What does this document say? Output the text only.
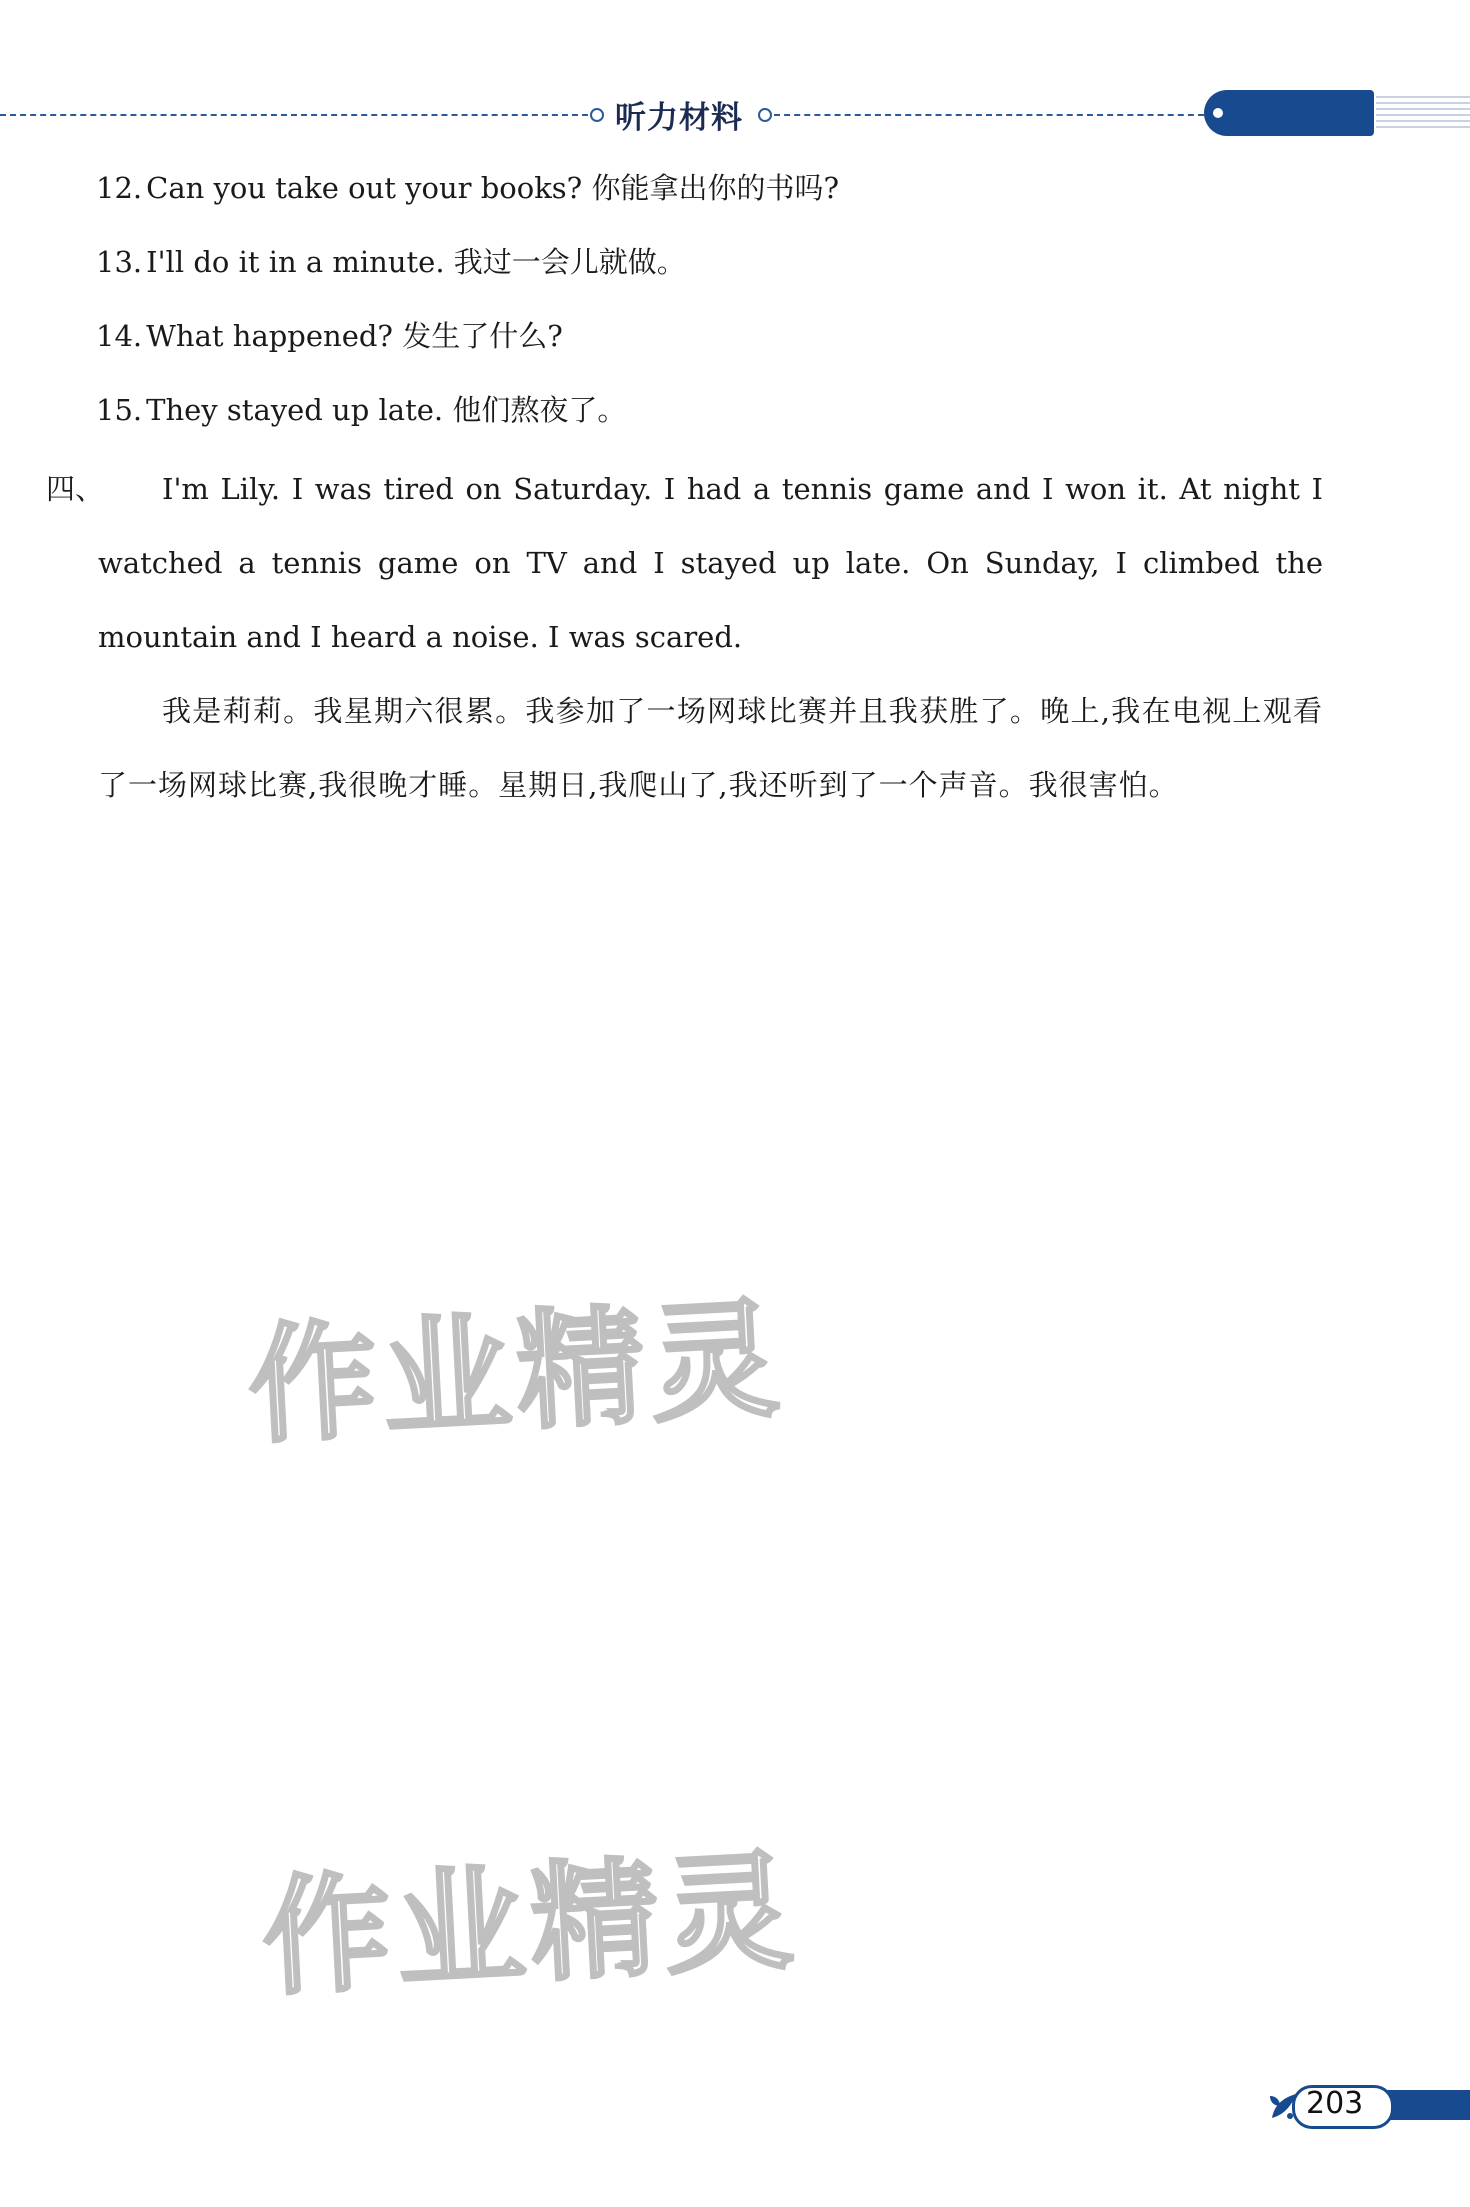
听力材料
12. Can you take out your books? 你能拿出你的书吗?
13. I'll do it in a minute. 我过一会儿就做。
14. What happened? 发生了什么?
15. They stayed up late. 他们熬夜了。
四、	I'm Lily. I was tired on Saturday. I had a tennis game and I won it. At night I watched a tennis game on TV and I stayed up late. On Sunday, I climbed the mountain and I heard a noise. I was scared.
我是莉莉。我星期六很累。我参加了一场网球比赛并且我获胜了。晚上,我在电视上观看了一场网球比赛,我很晚才睡。星期日,我爬山了,我还听到了一个声音。我很害怕。
作业精灵
作业精灵
203
